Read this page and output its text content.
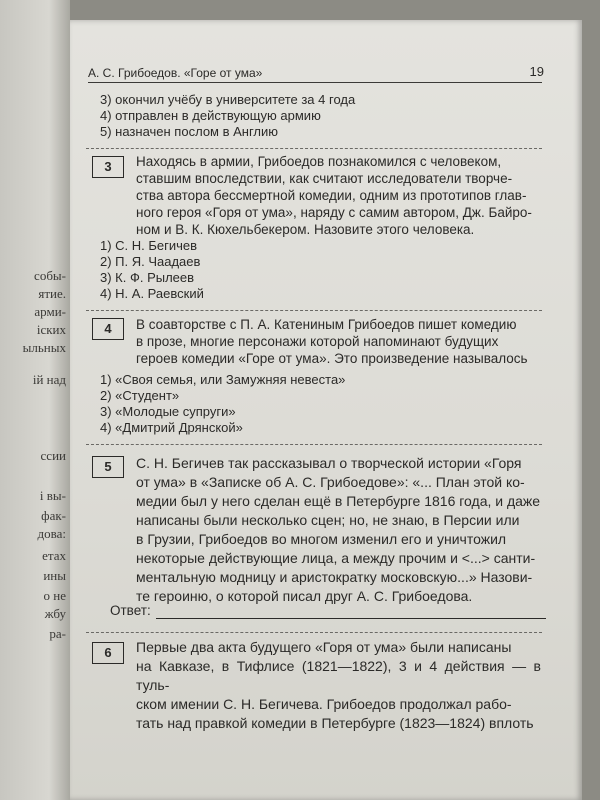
собы-
ятие.
арми-
іских
ыльных
ій над
ссии
і вы-
фак-
дова:
етах
ины
о не
жбу
ра-
А. С. Грибоедов. «Горе от ума»	19
3) окончил учёбу в университете за 4 года
4) отправлен в действующую армию
5) назначен послом в Англию
3	Находясь в армии, Грибоедов познакомился с человеком,
ставшим впоследствии, как считают исследователи творче-
ства автора бессмертной комедии, одним из прототипов глав-
ного героя «Горя от ума», наряду с самим автором, Дж. Байро-
ном и В. К. Кюхельбекером. Назовите этого человека.
1) С. Н. Бегичев
2) П. Я. Чаадаев
3) К. Ф. Рылеев
4) Н. А. Раевский
4	В соавторстве с П. А. Катениным Грибоедов пишет комедию
в прозе, многие персонажи которой напоминают будущих
героев комедии «Горе от ума». Это произведение называлось
1) «Своя семья, или Замужняя невеста»
2) «Студент»
3) «Молодые супруги»
4) «Дмитрий Дрянской»
5	С. Н. Бегичев так рассказывал о творческой истории «Горя
от ума» в «Записке об А. С. Грибоедове»: «... План этой ко-
медии был у него сделан ещё в Петербурге 1816 года, и даже
написаны были несколько сцен; но, не знаю, в Персии или
в Грузии, Грибоедов во многом изменил его и уничтожил
некоторые действующие лица, а между прочим и <...> санти-
ментальную модницу и аристократку московскую...» Назови-
те героиню, о которой писал друг А. С. Грибоедова.
Ответ:
6	Первые два акта будущего «Горя от ума» были написаны
на Кавказе, в Тифлисе (1821—1822), 3 и 4 действия — в туль-
ском имении С. Н. Бегичева. Грибоедов продолжал рабо-
тать над правкой комедии в Петербурге (1823—1824) вплоть
